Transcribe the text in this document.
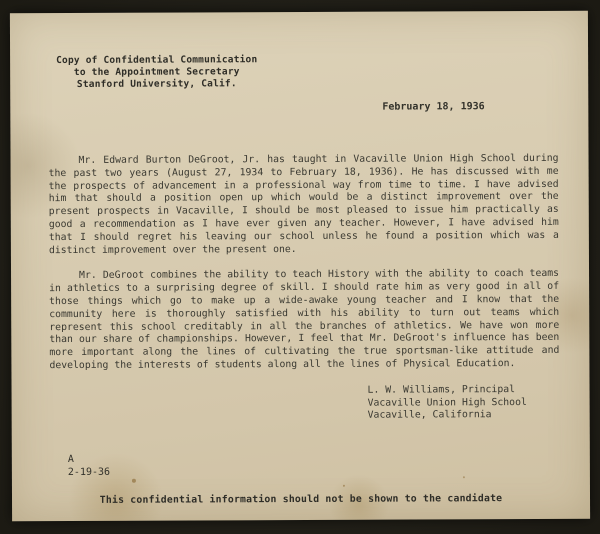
Copy of Confidential Communication
to the Appointment Secretary
Stanford University, Calif.
February 18, 1936

Mr. Edward Burton DeGroot, Jr. has taught in Vacaville Union High School during the past two years (August 27, 1934 to February 18, 1936). He has discussed with me the prospects of advancement in a professional way from time to time. I have advised him that should a position open up which would be a distinct improvement over the present prospects in Vacaville, I should be most pleased to issue him practically as good a recommendation as I have ever given any teacher. However, I have advised him that I should regret his leaving our school unless he found a position which was a distinct improvement over the present one.

Mr. DeGroot combines the ability to teach History with the ability to coach teams in athletics to a surprising degree of skill. I should rate him as very good in all of those things which go to make up a wide-awake young teacher and I know that the community here is thoroughly satisfied with his ability to turn out teams which represent this school creditably in all the branches of athletics. We have won more than our share of championships. However, I feel that Mr. DeGroot's influence has been more important along the lines of cultivating the true sportsman-like attitude and developing the interests of students along all the lines of Physical Education.

L. W. Williams, Principal
Vacaville Union High School
Vacaville, California
A
2-19-36
This confidential information should not be shown to the candidate
